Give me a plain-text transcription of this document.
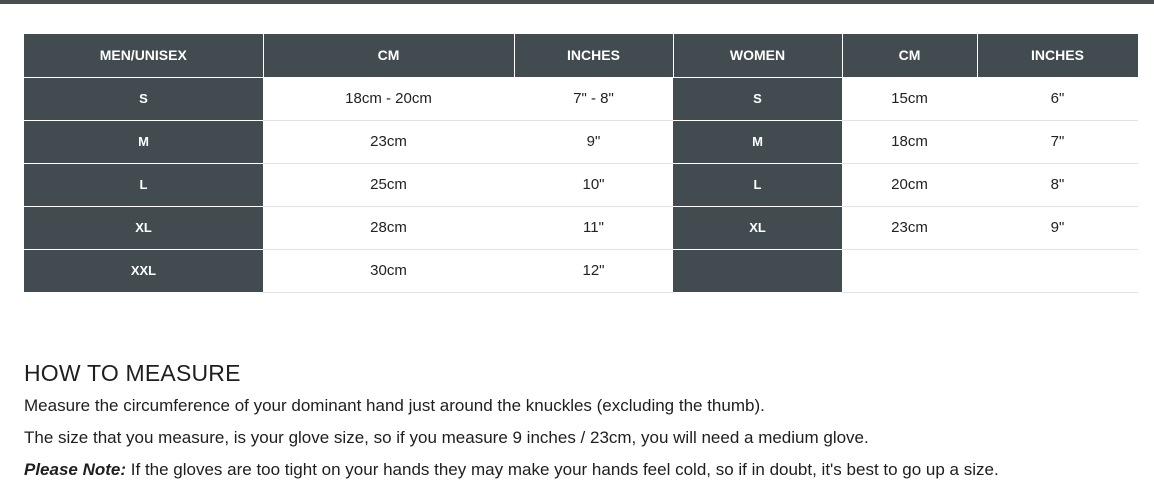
MEN/UNISEX	CM	INCHES	WOMEN	CM	INCHES
S	18cm - 20cm	7" - 8"	S	15cm	6"
M	23cm	9"	M	18cm	7"
L	25cm	10"	L	20cm	8"
XL	28cm	11"	XL	23cm	9"
XXL	30cm	12"			
HOW TO MEASURE

Measure the circumference of your dominant hand just around the knuckles (excluding the thumb).

The size that you measure, is your glove size, so if you measure 9 inches / 23cm, you will need a medium glove.

Please Note: If the gloves are too tight on your hands they may make your hands feel cold, so if in doubt, it's best to go up a size.
